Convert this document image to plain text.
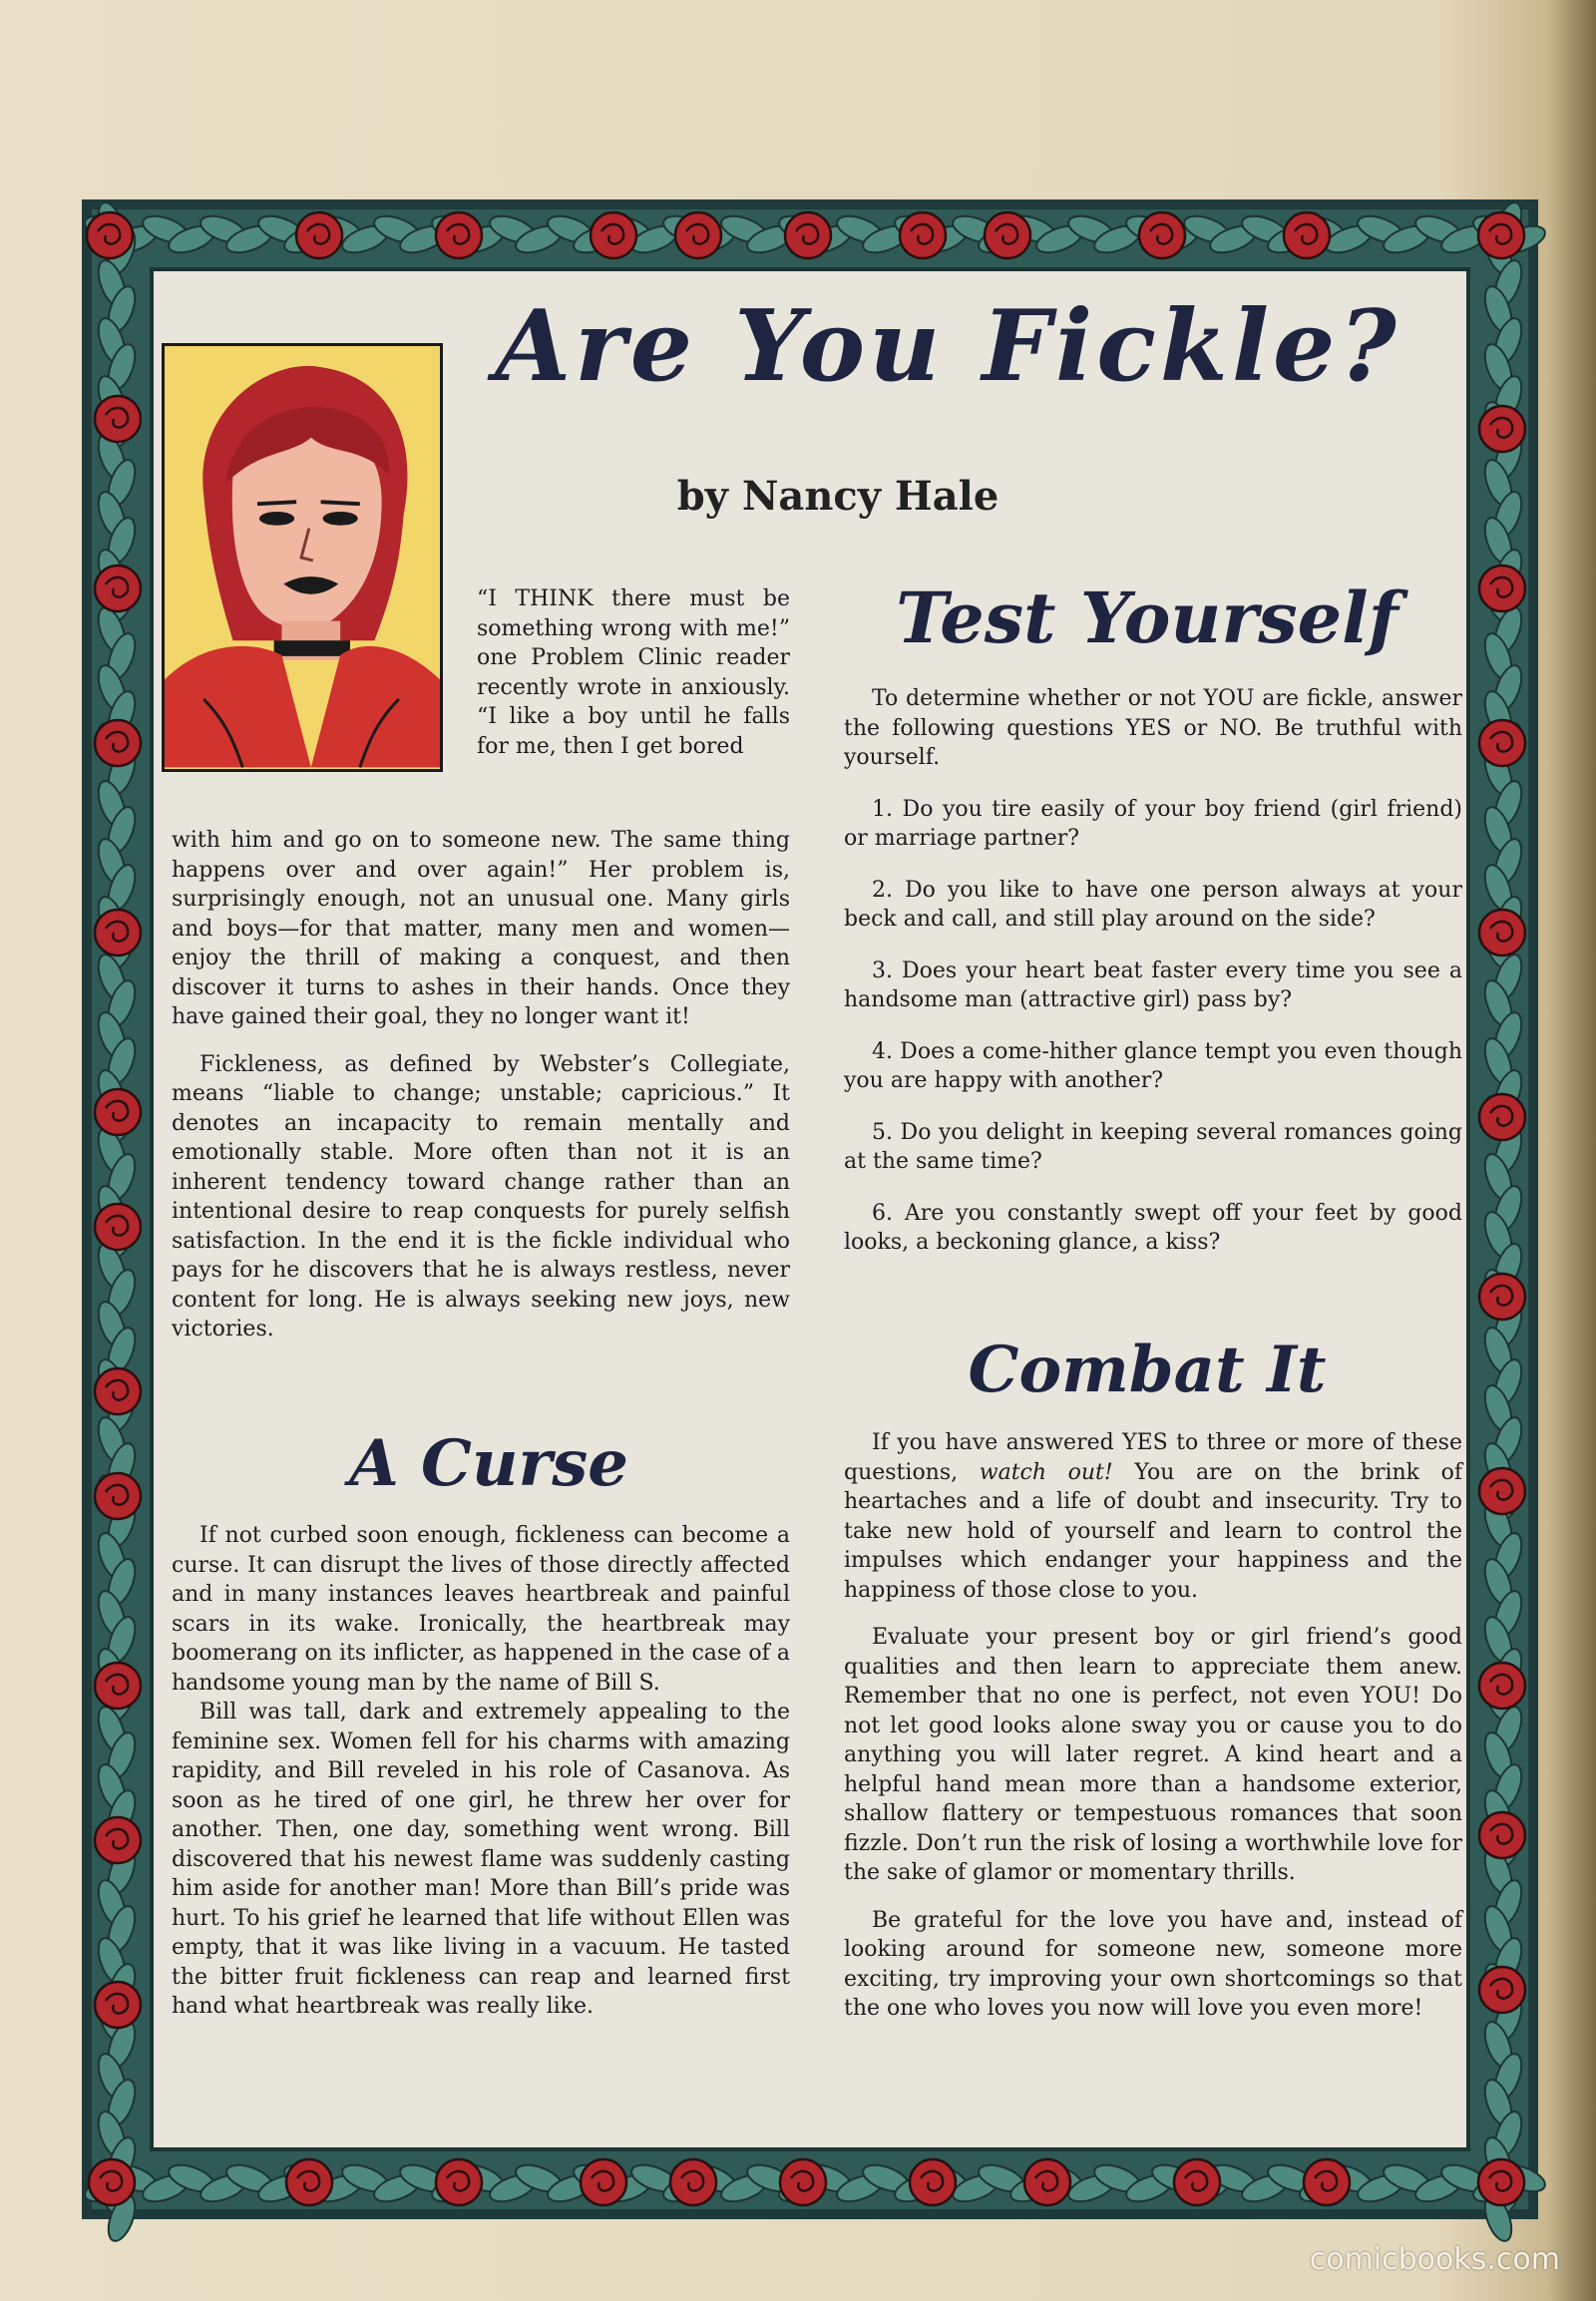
Are You Fickle?
by Nancy Hale

“I THINK there must be something wrong with me!” one Problem Clinic reader recently wrote in anxiously. “I like a boy until he falls for me, then I get bored

with him and go on to someone new. The same thing happens over and over again!” Her problem is, surprisingly enough, not an unusual one. Many girls and boys—for that matter, many men and women—enjoy the thrill of making a conquest, and then discover it turns to ashes in their hands. Once they have gained their goal, they no longer want it!

Fickleness, as defined by Webster’s Collegiate, means “liable to change; unstable; capricious.” It denotes an incapacity to remain mentally and emotionally stable. More often than not it is an inherent tendency toward change rather than an intentional desire to reap conquests for purely selfish satisfaction. In the end it is the fickle individual who pays for he discovers that he is always restless, never content for long. He is always seeking new joys, new victories.

A Curse

If not curbed soon enough, fickleness can become a curse. It can disrupt the lives of those directly affected and in many instances leaves heartbreak and painful scars in its wake. Ironically, the heartbreak may boomerang on its inflicter, as happened in the case of a handsome young man by the name of Bill S.

Bill was tall, dark and extremely appealing to the feminine sex. Women fell for his charms with amazing rapidity, and Bill reveled in his role of Casanova. As soon as he tired of one girl, he threw her over for another. Then, one day, something went wrong. Bill discovered that his newest flame was suddenly casting him aside for another man! More than Bill’s pride was hurt. To his grief he learned that life without Ellen was empty, that it was like living in a vacuum. He tasted the bitter fruit fickleness can reap and learned first hand what heartbreak was really like.

Test Yourself

To determine whether or not YOU are fickle, answer the following questions YES or NO. Be truthful with yourself.

1. Do you tire easily of your boy friend (girl friend) or marriage partner?

2. Do you like to have one person always at your beck and call, and still play around on the side?

3. Does your heart beat faster every time you see a handsome man (attractive girl) pass by?

4. Does a come-hither glance tempt you even though you are happy with another?

5. Do you delight in keeping several romances going at the same time?

6. Are you constantly swept off your feet by good looks, a beckoning glance, a kiss?

Combat It

If you have answered YES to three or more of these questions, watch out! You are on the brink of heartaches and a life of doubt and insecurity. Try to take new hold of yourself and learn to control the impulses which endanger your happiness and the happiness of those close to you.

Evaluate your present boy or girl friend’s good qualities and then learn to appreciate them anew. Remember that no one is perfect, not even YOU! Do not let good looks alone sway you or cause you to do anything you will later regret. A kind heart and a helpful hand mean more than a handsome exterior, shallow flattery or tempestuous romances that soon fizzle. Don’t run the risk of losing a worthwhile love for the sake of glamor or momentary thrills.

Be grateful for the love you have and, instead of looking around for someone new, someone more exciting, try improving your own shortcomings so that the one who loves you now will love you even more!

comicbooks.com
